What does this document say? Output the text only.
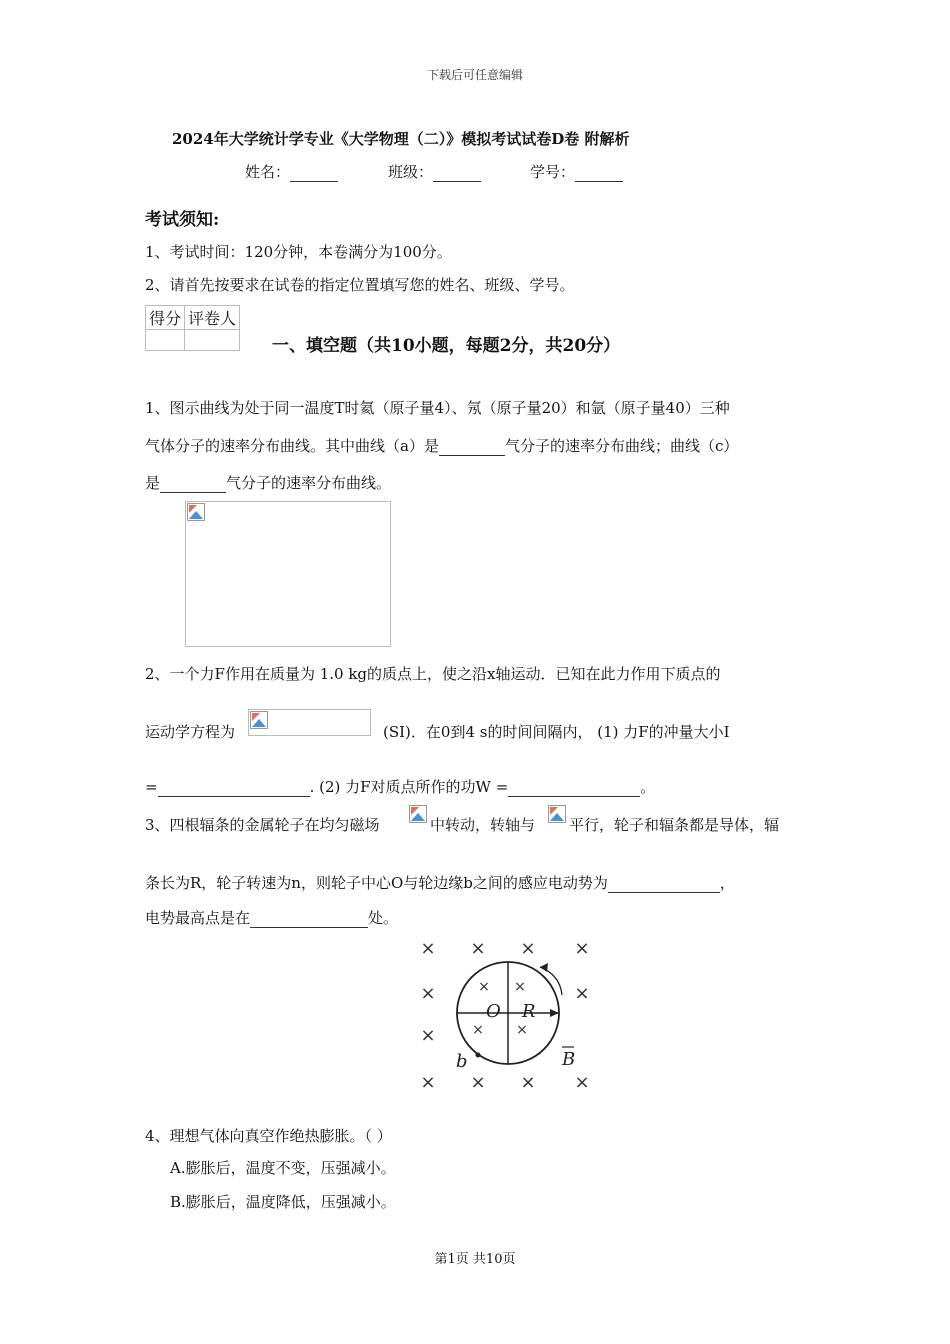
下载后可任意编辑
2024年大学统计学专业《大学物理（二）》模拟考试试卷D卷 附解析
姓名：	班级：	学号：
考试须知:
1、考试时间：120分钟，本卷满分为100分。
2、请首先按要求在试卷的指定位置填写您的姓名、班级、学号。
得分	评卷人

一、填空题（共10小题，每题2分，共20分）
1、图示曲线为处于同一温度T时氦（原子量4）、氖（原子量20）和氩（原子量40）三种
气体分子的速率分布曲线。其中曲线（a）是	气分子的速率分布曲线；曲线（c）
是	气分子的速率分布曲线。
2、一个力F作用在质量为 1.0 kg的质点上，使之沿x轴运动．已知在此力作用下质点的
运动学方程为	(SI)．在0到4 s的时间间隔内， (1) 力F的冲量大小I
=	. (2) 力F对质点所作的功W =	。
3、四根辐条的金属轮子在均匀磁场	中转动，转轴与 平行，轮子和辐条都是导体，辐
条长为R，轮子转速为n，则轮子中心O与轮边缘b之间的感应电动势为	，
电势最高点是在	处。
× × × ×
×	×
×
× × × ×
× ×
× ×
O R
b	B
4、理想气体向真空作绝热膨胀。（ ）
A.膨胀后，温度不变，压强减小。
B.膨胀后，温度降低，压强减小。
第1页 共10页
